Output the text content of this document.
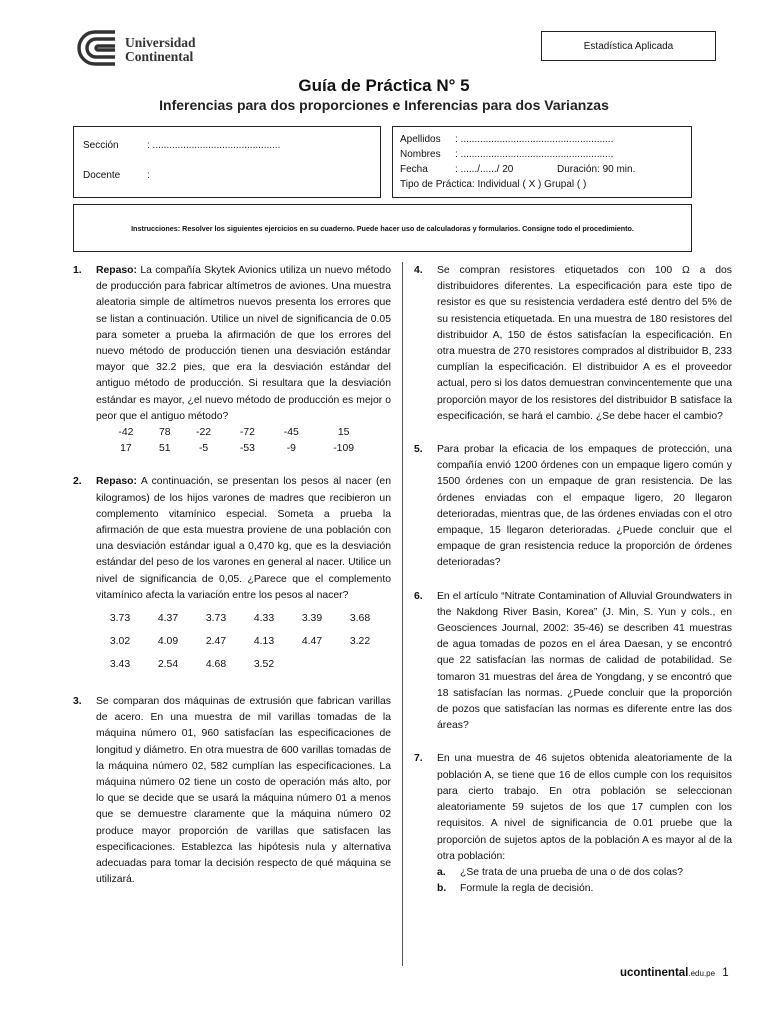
Universidad
Continental
Estadística Aplicada
Guía de Práctica N° 5
Inferencias para dos proporciones e Inferencias para dos Varianzas
Sección	: ..............................................
Docente	:
Apellidos : .......................................................
Nombres : .......................................................
Fecha	: ....../....../ 20	Duración: 90 min.
Tipo de Práctica: Individual ( X ) Grupal ( )
Instrucciones: Resolver los siguientes ejercicios en su cuaderno. Puede hacer uso de calculadoras y formularios. Consigne todo el procedimiento.
1. Repaso: La compañía Skytek Avionics utiliza un nuevo método de producción para fabricar altímetros de aviones. Una muestra aleatoria simple de altímetros nuevos presenta los errores que se listan a continuación. Utilice un nivel de significancia de 0.05 para someter a prueba la afirmación de que los errores del nuevo método de producción tienen una desviación estándar mayor que 32.2 pies, que era la desviación estándar del antiguo método de producción. Si resultara que la desviación estándar es mayor, ¿el nuevo método de producción es mejor o peor que el antiguo método?
-42	78	-22	-72	-45	15
17	51	-5	-53	-9	-109
2. Repaso: A continuación, se presentan los pesos al nacer (en kilogramos) de los hijos varones de madres que recibieron un complemento vitamínico especial. Someta a prueba la afirmación de que esta muestra proviene de una población con una desviación estándar igual a 0,470 kg, que es la desviación estándar del peso de los varones en general al nacer. Utilice un nivel de significancia de 0,05. ¿Parece que el complemento vitamínico afecta la variación entre los pesos al nacer?
3.73	4.37	3.73	4.33	3.39	3.68
3.02	4.09	2.47	4.13	4.47	3.22
3.43	2.54	4.68	3.52		
3. Se comparan dos máquinas de extrusión que fabrican varillas de acero. En una muestra de mil varillas tomadas de la máquina número 01, 960 satisfacían las especificaciones de longitud y diámetro. En otra muestra de 600 varillas tomadas de la máquina número 02, 582 cumplían las especificaciones. La máquina número 02 tiene un costo de operación más alto, por lo que se decide que se usará la máquina número 01 a menos que se demuestre claramente que la máquina número 02 produce mayor proporción de varillas que satisfacen las especificaciones. Establezca las hipótesis nula y alternativa adecuadas para tomar la decisión respecto de qué máquina se utilizará.
4. Se compran resistores etiquetados con 100 Ω a dos distribuidores diferentes. La especificación para este tipo de resistor es que su resistencia verdadera esté dentro del 5% de su resistencia etiquetada. En una muestra de 180 resistores del distribuidor A, 150 de éstos satisfacían la especificación. En otra muestra de 270 resistores comprados al distribuidor B, 233 cumplían la especificación. El distribuidor A es el proveedor actual, pero si los datos demuestran convincentemente que una proporción mayor de los resistores del distribuidor B satisface la especificación, se hará el cambio. ¿Se debe hacer el cambio?
5. Para probar la eficacia de los empaques de protección, una compañía envió 1200 órdenes con un empaque ligero común y 1500 órdenes con un empaque de gran resistencia. De las órdenes enviadas con el empaque ligero, 20 llegaron deterioradas, mientras que, de las órdenes enviadas con el otro empaque, 15 llegaron deterioradas. ¿Puede concluir que el empaque de gran resistencia reduce la proporción de órdenes deterioradas?
6. En el artículo “Nitrate Contamination of Alluvial Groundwaters in the Nakdong River Basin, Korea” (J. Min, S. Yun y cols., en Geosciences Journal, 2002: 35-46) se describen 41 muestras de agua tomadas de pozos en el área Daesan, y se encontró que 22 satisfacían las normas de calidad de potabilidad. Se tomaron 31 muestras del área de Yongdang, y se encontró que 18 satisfacían las normas. ¿Puede concluir que la proporción de pozos que satisfacían las normas es diferente entre las dos áreas?
7. En una muestra de 46 sujetos obtenida aleatoriamente de la población A, se tiene que 16 de ellos cumple con los requisitos para cierto trabajo. En otra población se seleccionan aleatoriamente 59 sujetos de los que 17 cumplen con los requisitos. A nivel de significancia de 0.01 pruebe que la proporción de sujetos aptos de la población A es mayor al de la otra población:
a. ¿Se trata de una prueba de una o de dos colas?
b. Formule la regla de decisión.
ucontinental.edu.pe 1
